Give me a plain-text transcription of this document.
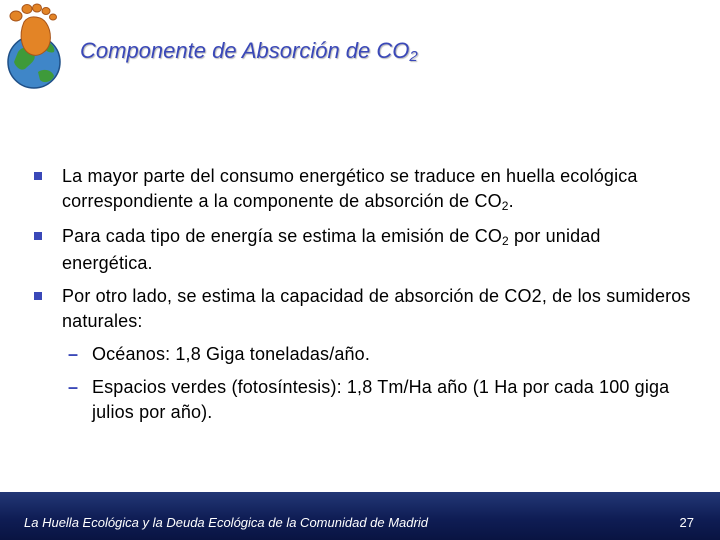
Componente de Absorción de $CO_2$
La mayor parte del consumo energético se traduce en huella ecológica correspondiente a la componente de absorción de $CO_2$.
Para cada tipo de energía se estima la emisión de $CO_2$ por unidad energética.
Por otro lado, se estima la capacidad de absorción de CO2, de los sumideros naturales:
– Océanos: 1,8 Giga toneladas/año.
– Espacios verdes (fotosíntesis): 1,8 Tm/Ha año (1 Ha por cada 100 giga julios por año).
La Huella Ecológica y la Deuda Ecológica de la Comunidad de Madrid	27
